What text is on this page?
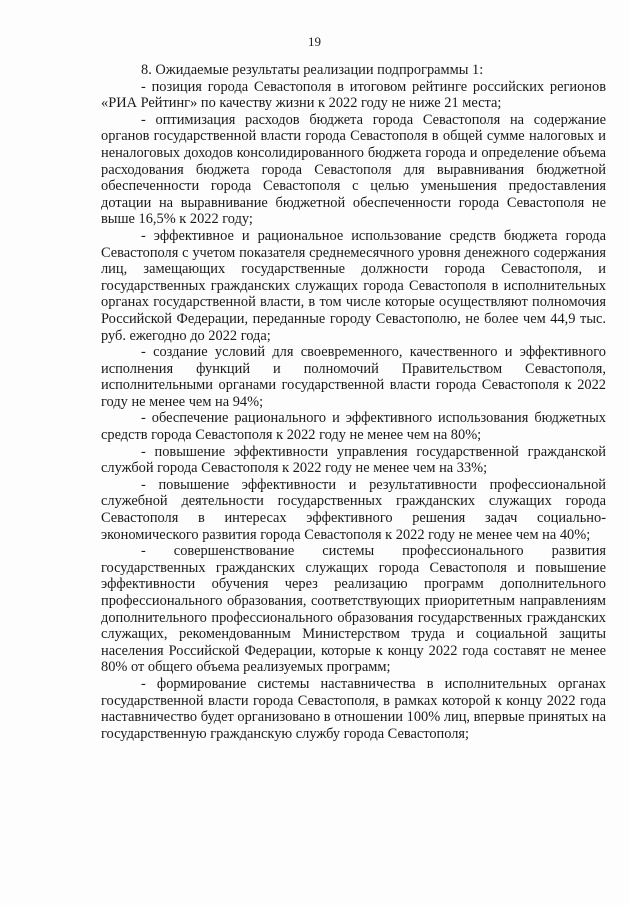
19

8. Ожидаемые результаты реализации подпрограммы 1:

- позиция города Севастополя в итоговом рейтинге российских регионов «РИА Рейтинг» по качеству жизни к 2022 году не ниже 21 места;

- оптимизация расходов бюджета города Севастополя на содержание органов государственной власти города Севастополя в общей сумме налоговых и неналоговых доходов консолидированного бюджета города и определение объема расходования бюджета города Севастополя для выравнивания бюджетной обеспеченности города Севастополя с целью уменьшения предоставления дотации на выравнивание бюджетной обеспеченности города Севастополя не выше 16,5% к 2022 году;

- эффективное и рациональное использование средств бюджета города Севастополя с учетом показателя среднемесячного уровня денежного содержания лиц, замещающих государственные должности города Севастополя, и государственных гражданских служащих города Севастополя в исполнительных органах государственной власти, в том числе которые осуществляют полномочия Российской Федерации, переданные городу Севастополю, не более чем 44,9 тыс. руб. ежегодно до 2022 года;

- создание условий для своевременного, качественного и эффективного исполнения функций и полномочий Правительством Севастополя, исполнительными органами государственной власти города Севастополя к 2022 году не менее чем на 94%;

- обеспечение рационального и эффективного использования бюджетных средств города Севастополя к 2022 году не менее чем на 80%;

- повышение эффективности управления государственной гражданской службой города Севастополя к 2022 году не менее чем на 33%;

- повышение эффективности и результативности профессиональной служебной деятельности государственных гражданских служащих города Севастополя в интересах эффективного решения задач социально-экономического развития города Севастополя к 2022 году не менее чем на 40%;

- совершенствование системы профессионального развития государственных гражданских служащих города Севастополя и повышение эффективности обучения через реализацию программ дополнительного профессионального образования, соответствующих приоритетным направлениям дополнительного профессионального образования государственных гражданских служащих, рекомендованным Министерством труда и социальной защиты населения Российской Федерации, которые к концу 2022 года составят не менее 80% от общего объема реализуемых программ;

- формирование системы наставничества в исполнительных органах государственной власти города Севастополя, в рамках которой к концу 2022 года наставничество будет организовано в отношении 100% лиц, впервые принятых на государственную гражданскую службу города Севастополя;
